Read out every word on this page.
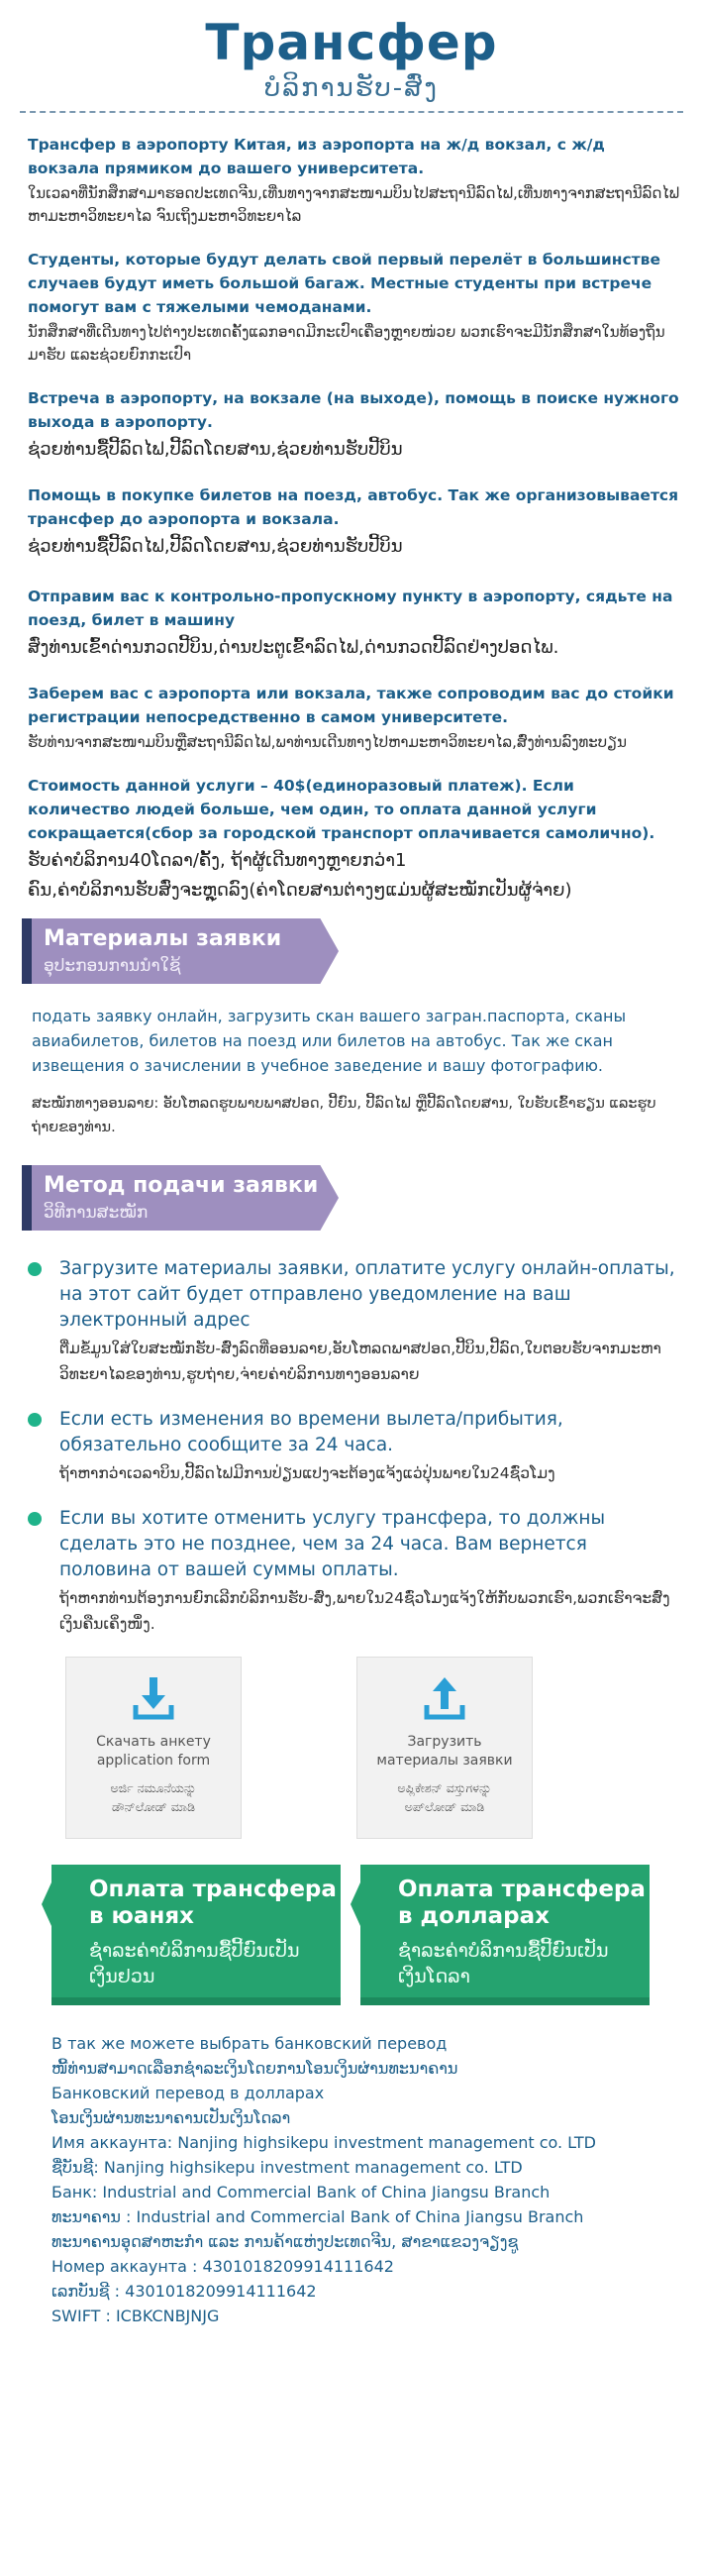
Трансфер
ບໍລິການຮັບ-ສົ່ງ
Трансфер в аэропорту Китая, из аэропорта на ж/д вокзал, с ж/д вокзала прямиком до вашего университета.
ໃນເວລາທີ່ນັກສຶກສາມາຮອດປະເທດຈີນ,ເທີ່ນທາງຈາກສະໜາມບິນໄປສະຖານີລົດໄຟ,ເທີ່ນທາງຈາກສະຖານີລົດໄຟຫາມະຫາວິທະຍາໄລ ຈົນເຖິງມະຫາວິທະຍາໄລ
Студенты, которые будут делать свой первый перелёт в большинстве случаев будут иметь большой багаж. Местные студенты при встрече помогут вам с тяжелыми чемоданами.
ນັກສຶກສາທີ່ເດີນທາງໄປຕ່າງປະເທດຄັ້ງແລກອາດມີກະເປົາເຄື່ອງຫຼາຍໜ່ວຍ ພວກເຮົາຈະມີນັກສຶກສາໃນທ້ອງຖິ່ນມາຮັບ ແລະຊ່ວຍຍົກກະເປົາ
Встреча в аэропорту, на вокзале (на выходе), помощь в поиске нужного выхода в аэропорту.
ຊ່ວຍທ່ານຊື້ປີ້ລົດໄຟ,ປີ້ລົດໂດຍສານ,ຊ່ວຍທ່ານຮັບປີ້ບິນ
Помощь в покупке билетов на поезд, автобус. Так же организовывается трансфер до аэропорта и вокзала.
ຊ່ວຍທ່ານຊື້ປີ້ລົດໄຟ,ປີ້ລົດໂດຍສານ,ຊ່ວຍທ່ານຮັບປີ້ບິນ
Отправим вас к контрольно-пропускному пункту в аэропорту, сядьте на поезд, билет в машину
ສົ່ງທ່ານເຂົ້າດ່ານກວດປີ້ບິນ,ດ່ານປະຕູເຂົ້າລົດໄຟ,ດ່ານກວດປີ້ລົດຢ່າງປອດໄພ.
Заберем вас с аэропорта или вокзала, также сопроводим вас до стойки регистрации непосредственно в самом университете.
ຮັບທ່ານຈາກສະໜາມບິນຫຼືສະຖານີລົດໄຟ,ພາທ່ານເດີນທາງໄປຫາມະຫາວິທະຍາໄລ,ສົ່ງທ່ານລົງທະບຽນ
Стоимость данной услуги – 40$(единоразовый платеж). Если количество людей больше, чем один, то оплата данной услуги сокращается(сбор за городской транспорт оплачивается самолично).
ຮັບຄ່າບໍລິການ40ໂດລາ/ຄັ້ງ, ຖ້າຜູ້ເດີນທາງຫຼາຍກວ່າ1
ຄົນ,ຄ່າບໍລິການຮັບສົ່ງຈະຫຼຸດລົງ(ຄ່າໂດຍສານຕ່າງໆແມ່ນຜູ້ສະໝັກເປັນຜູ້ຈ່າຍ)
Материалы заявки
ອຸປະກອນການນຳໃຊ້
подать заявку онлайн, загрузить скан вашего загран.паспорта, сканы авиабилетов, билетов на поезд или билетов на автобус. Так же скан извещения о зачислении в учебное заведение и вашу фотографию.
ສະໝັກທາງອອນລາຍ: ອັບໂຫລດຮູບພາບພາສປອດ, ປີ້ຍົນ, ປີ້ລົດໄຟ ຫຼືປີ້ລົດໂດຍສານ, ໃບຮັບເຂົ້າຮຽນ ແລະຮູບຖ່າຍຂອງທ່ານ.
Метод подачи заявки
ວິທີການສະໝັກ
Загрузите материалы заявки, оплатите услугу онлайн-оплаты, на этот сайт будет отправлено уведомление на ваш электронный адрес
ຕື່ມຂໍ້ມູນໃສ່ໃບສະໝັກຮັບ-ສົ່ງລົດທີ່ອອນລາຍ,ອັບໂຫລດພາສປອດ,ປີ້ບິນ,ປີ້ລົດ,ໃບຕອບຮັບຈາກມະຫາວິທະຍາໄລຂອງທ່ານ,ຮູບຖ່າຍ,ຈ່າຍຄ່າບໍລິການທາງອອນລາຍ
Если есть изменения во времени вылета/прибытия, обязательно сообщите за 24 часа.
ຖ້າຫາກວ່າເວລາບິນ,ປີ້ລົດໄຟມີການປ່ຽນແປງຈະຕ້ອງແຈ້ງແວ່ປຸ່ນພາຍໃນ24ຊົ່ວໂມງ
Если вы хотите отменить услугу трансфера, то должны сделать это не позднее, чем за 24 часа. Вам вернется половина от вашей суммы оплаты.
ຖ້າຫາກທ່ານຕ້ອງການຍົກເລີກບໍລິການຮັບ-ສົ່ງ,ພາຍໃນ24ຊົ່ວໂມງແຈ້ງໃຫ້ກັບພວກເຮົາ,ພວກເຮົາຈະສົ່ງເງິນຄືນເຄິ່ງໜຶ່ງ.
Скачать анкету
application form
ಅರ್ಜಿ ನಮೂನೆಯನ್ನು
ಡೌನ್‌ಲೋಡ್ ಮಾಡಿ
Загрузить
материалы заявки
ಅಪ್ಲಿಕೇಶನ್ ವಸ್ತುಗಳನ್ನು
ಅಪ್‌ಲೋಡ್ ಮಾಡಿ
Оплата трансфера
в юанях
ຊຳລະຄ່າບໍລິການຊື້ປີ້ຍົນເປັນ
ເງິນຢວນ
Оплата трансфера
в долларах
ຊຳລະຄ່າບໍລິການຊື້ປີ້ຍົນເປັນ
ເງິນໂດລາ
В так же можете выбрать банковский перевод
ໜີ້ທ່ານສາມາດເລືອກຊຳລະເງິນໂດຍການໂອນເງິນຜ່ານທະນາຄານ
Банковский перевод в долларах
ໂອນເງິນຜ່ານທະນາຄານເປັນເງິນໂດລາ
Имя аккаунта: Nanjing highsikepu investment management co. LTD
ຊື່ບັນຊີ: Nanjing highsikepu investment management co. LTD
Банк: Industrial and Commercial Bank of China Jiangsu Branch
ທະນາຄານ : Industrial and Commercial Bank of China Jiangsu Branch
ທະນາຄານອຸດສາຫະກຳ ແລະ ການຄ້າແຫ່ງປະເທດຈີນ, ສາຂາແຂວງຈຽງຊູ
Номер аккаунта : 4301018209914111642
ເລກບັນຊີ : 4301018209914111642
SWIFT : ICBKCNBJNJG
